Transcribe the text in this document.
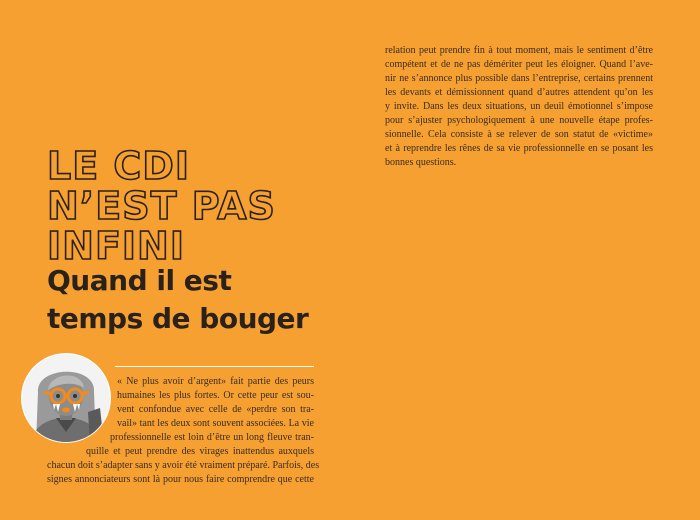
LE CDI
N’EST PAS
INFINI
Quand il est
temps de bouger

« Ne plus avoir d’argent» fait partie des peurs

humaines les plus fortes. Or cette peur est sou-

vent confondue avec celle de «perdre son tra-

vail» tant les deux sont souvent associées. La vie

professionnelle est loin d’être un long fleuve tran-

quille et peut prendre des virages inattendus auxquels

chacun doit s’adapter sans y avoir été vraiment préparé. Parfois, des

signes annonciateurs sont là pour nous faire comprendre que cette

relation peut prendre fin à tout moment, mais le sentiment d’être

compétent et de ne pas démériter peut les éloigner. Quand l’ave-

nir ne s’annonce plus possible dans l’entreprise, certains prennent

les devants et démissionnent quand d’autres attendent qu’on les

y invite. Dans les deux situations, un deuil émotionnel s’impose

pour s’ajuster psychologiquement à une nouvelle étape profes-

sionnelle. Cela consiste à se relever de son statut de «victime»

et à reprendre les rênes de sa vie professionnelle en se posant les

bonnes questions.
